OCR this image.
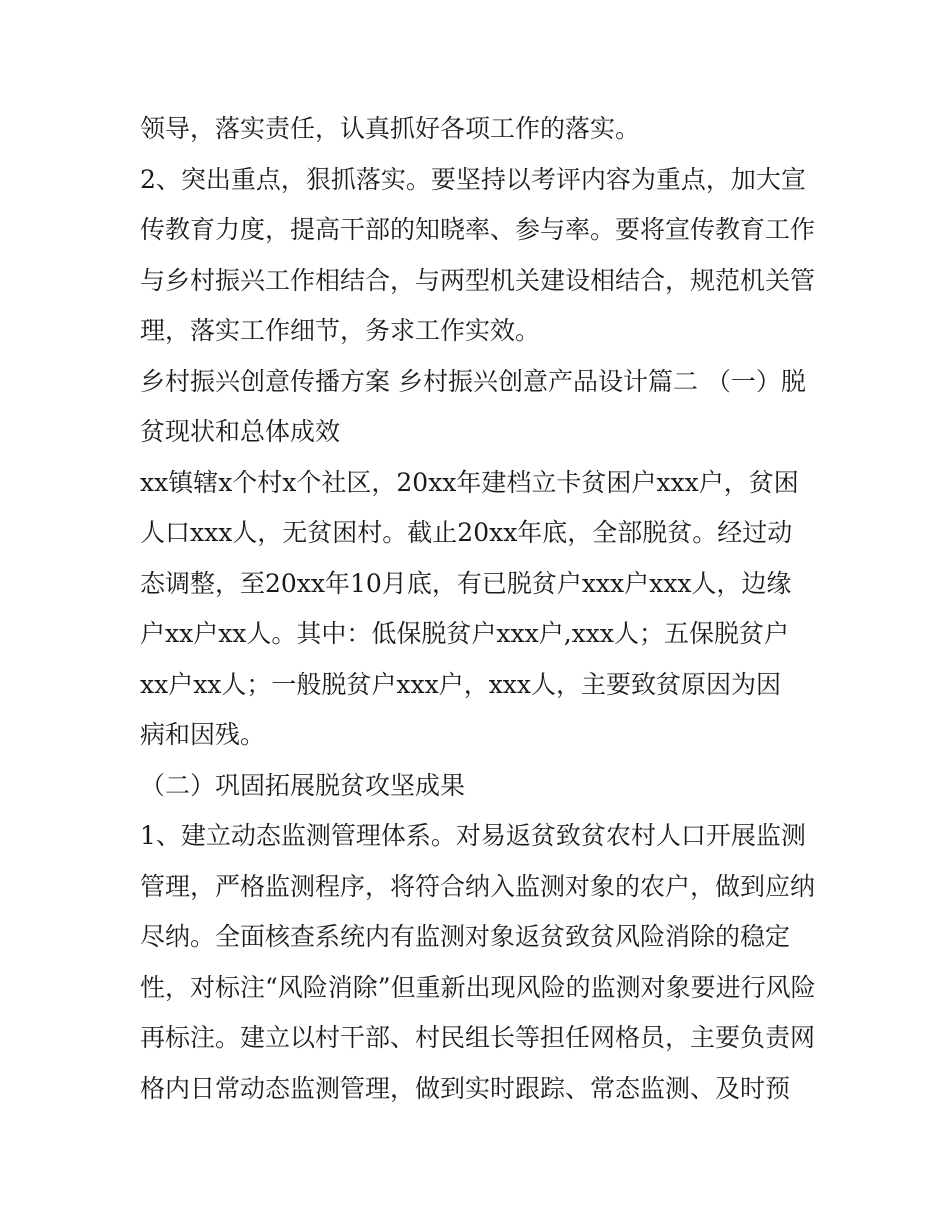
领导，落实责任，认真抓好各项工作的落实。
2、突出重点，狠抓落实。要坚持以考评内容为重点，加大宣
传教育力度，提高干部的知晓率、参与率。要将宣传教育工作
与乡村振兴工作相结合，与两型机关建设相结合，规范机关管
理，落实工作细节，务求工作实效。
乡村振兴创意传播方案 乡村振兴创意产品设计篇二 （一）脱
贫现状和总体成效
xx镇辖x个村x个社区，20xx年建档立卡贫困户xxx户，贫困
人口xxx人，无贫困村。截止20xx年底，全部脱贫。经过动
态调整，至20xx年10月底，有已脱贫户xxx户xxx人，边缘
户xx户xx人。其中：低保脱贫户xxx户,xxx人；五保脱贫户
xx户xx人；一般脱贫户xxx户，xxx人，主要致贫原因为因
病和因残。
（二）巩固拓展脱贫攻坚成果
1、建立动态监测管理体系。对易返贫致贫农村人口开展监测
管理，严格监测程序，将符合纳入监测对象的农户，做到应纳
尽纳。全面核查系统内有监测对象返贫致贫风险消除的稳定
性，对标注“风险消除”但重新出现风险的监测对象要进行风险
再标注。建立以村干部、村民组长等担任网格员，主要负责网
格内日常动态监测管理，做到实时跟踪、常态监测、及时预
